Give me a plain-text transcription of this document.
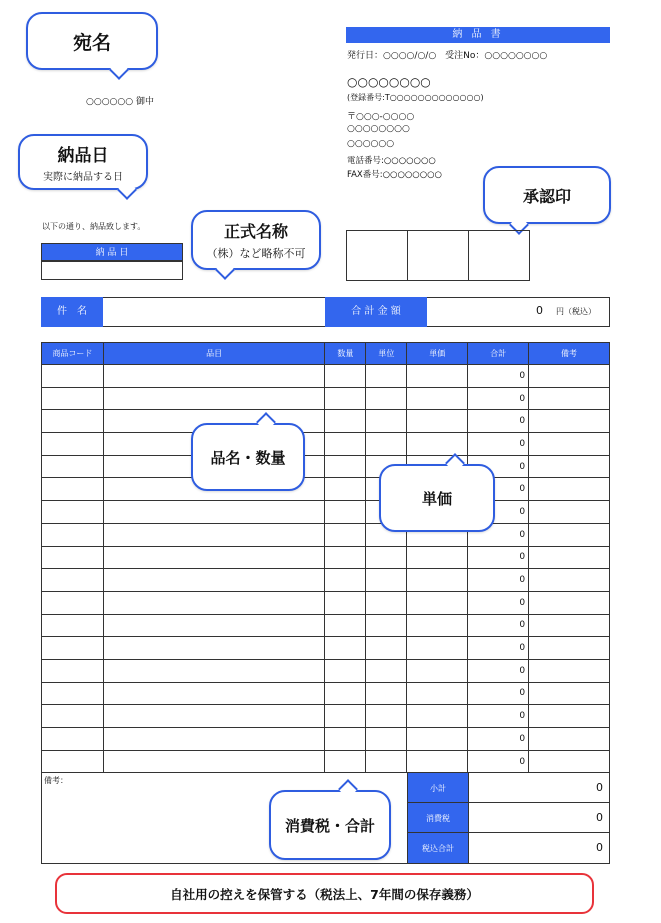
宛名
○○○○○○ 御中
納品日
実際に納品する日
以下の通り、納品致します。
納 品 日
正式名称
（株）など略称不可
納 品 書
発行日：○○○○/○/○　受注No：○○○○○○○○
○○○○○○○○
(登録番号:T○○○○○○○○○○○○○)
〒○○○-○○○○
○○○○○○○○
○○○○○○
電話番号:○○○○○○○
FAX番号:○○○○○○○○
承認印
件　名	合 計 金 額	0 円（税込）
商品コード	品目	数量	単位	単価	合計	備考
					0	
					0	
					0	
					0	
					0	
					0	
					0	
					0	
					0	
					0	
					0	
					0	
					0	
					0	
					0	
					0	
					0	
					0	
備考：
小計	0
消費税	0
税込合計	0
品名・数量
単価
消費税・合計
自社用の控えを保管する（税法上、7年間の保存義務）
